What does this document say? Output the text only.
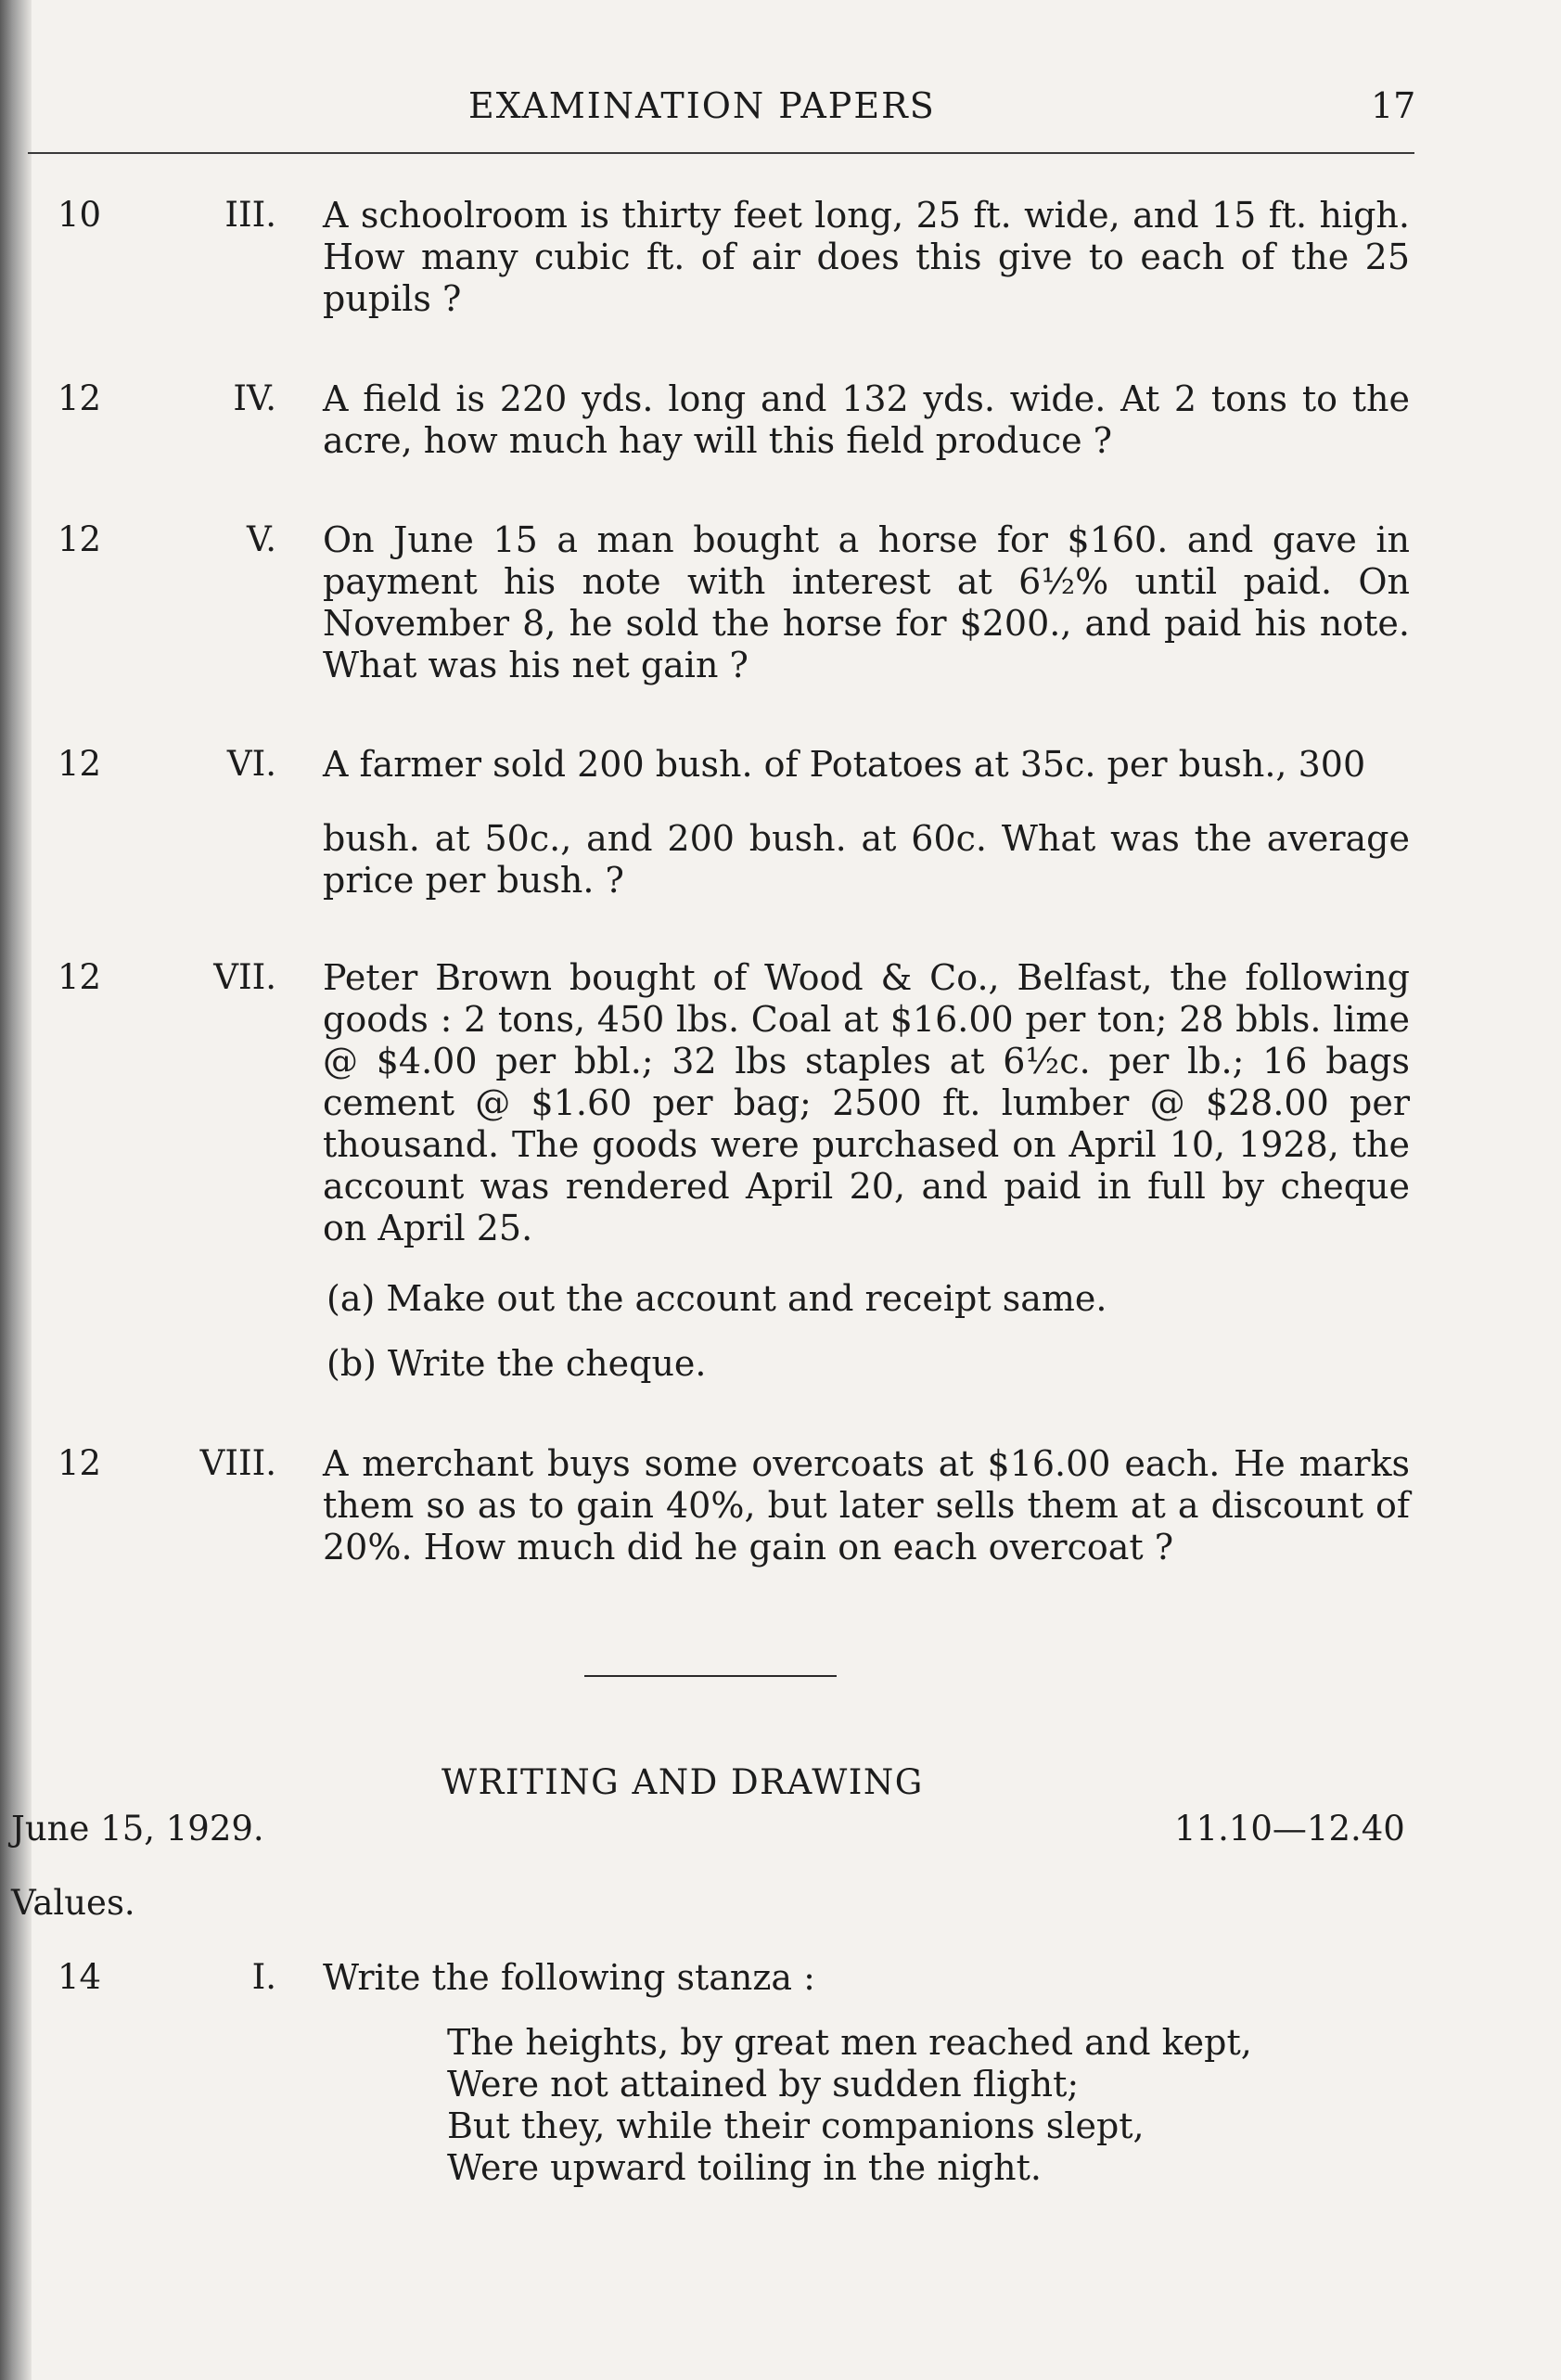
EXAMINATION PAPERS	17
10	III. A schoolroom is thirty feet long, 25 ft. wide, and 15 ft. high. How many cubic ft. of air does this give to each of the 25 pupils ?
12	IV. A field is 220 yds. long and 132 yds. wide. At 2 tons to the acre, how much hay will this field produce ?
12	V. On June 15 a man bought a horse for $160. and gave in payment his note with interest at 6½% until paid. On November 8, he sold the horse for $200., and paid his note. What was his net gain ?
12	VI. A farmer sold 200 bush. of Potatoes at 35c. per bush., 300
bush. at 50c., and 200 bush. at 60c. What was the average price per bush. ?
12	VII. Peter Brown bought of Wood & Co., Belfast, the following goods : 2 tons, 450 lbs. Coal at $16.00 per ton; 28 bbls. lime @ $4.00 per bbl.; 32 lbs staples at 6½c. per lb.; 16 bags cement @ $1.60 per bag; 2500 ft. lumber @ $28.00 per thousand. The goods were purchased on April 10, 1928, the account was rendered April 20, and paid in full by cheque on April 25.
(a) Make out the account and receipt same.
(b) Write the cheque.
12	VIII. A merchant buys some overcoats at $16.00 each. He marks them so as to gain 40%, but later sells them at a discount of 20%. How much did he gain on each overcoat ?
WRITING AND DRAWING
June 15, 1929.	11.10—12.40
Values.
14	I. Write the following stanza :
The heights, by great men reached and kept,
Were not attained by sudden flight;
But they, while their companions slept,
Were upward toiling in the night.
